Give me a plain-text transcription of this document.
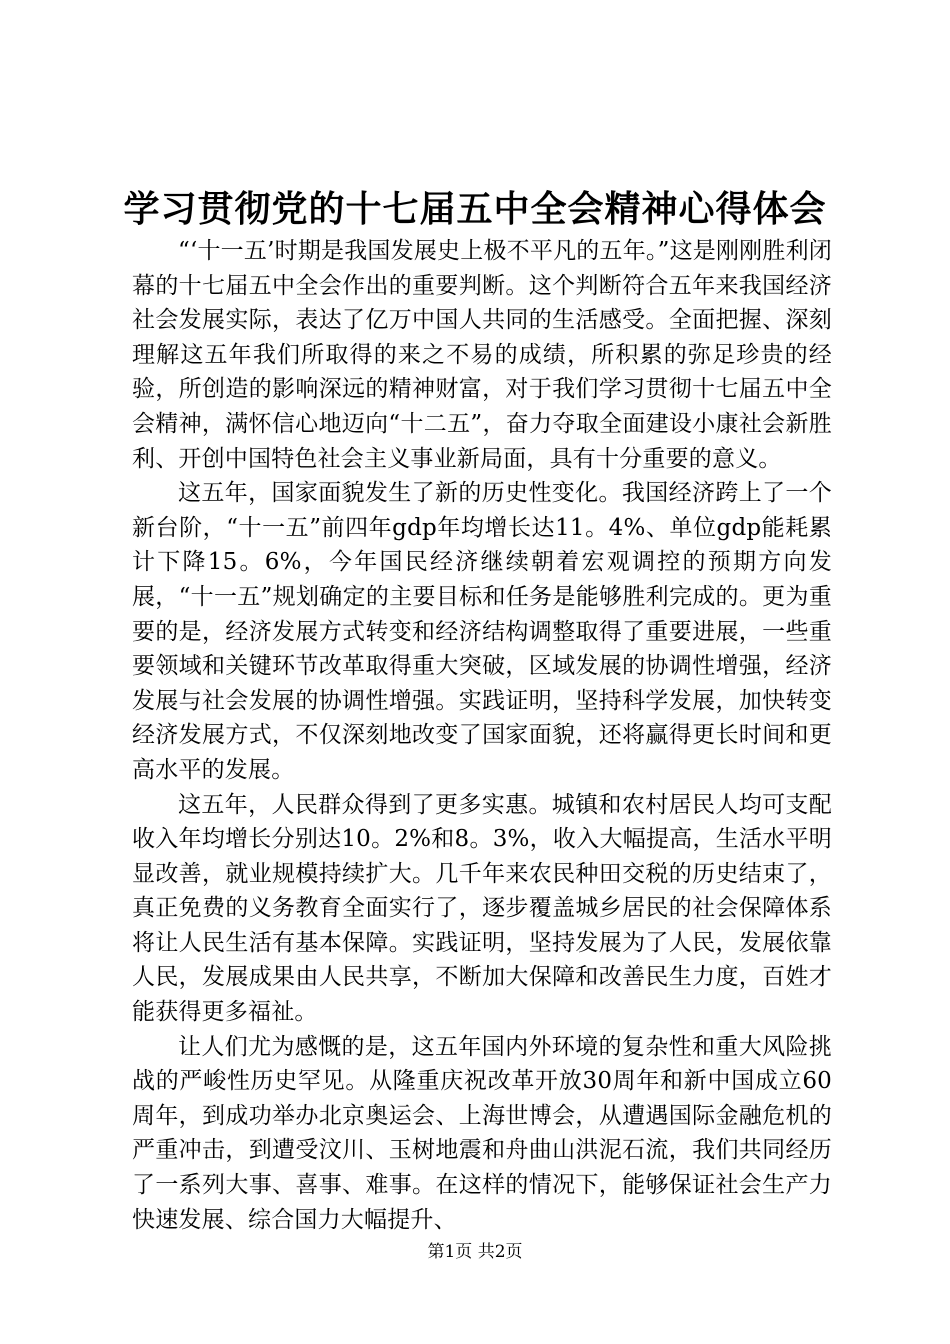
学习贯彻党的十七届五中全会精神心得体会

“‘十一五’时期是我国发展史上极不平凡的五年。”这是刚刚胜利闭幕的十七届五中全会作出的重要判断。这个判断符合五年来我国经济社会发展实际，表达了亿万中国人共同的生活感受。全面把握、深刻理解这五年我们所取得的来之不易的成绩，所积累的弥足珍贵的经验，所创造的影响深远的精神财富，对于我们学习贯彻十七届五中全会精神，满怀信心地迈向“十二五”，奋力夺取全面建设小康社会新胜利、开创中国特色社会主义事业新局面，具有十分重要的意义。

这五年，国家面貌发生了新的历史性变化。我国经济跨上了一个新台阶，“十一五”前四年gdp年均增长达11。4%、单位gdp能耗累计下降15。6%，今年国民经济继续朝着宏观调控的预期方向发展，“十一五”规划确定的主要目标和任务是能够胜利完成的。更为重要的是，经济发展方式转变和经济结构调整取得了重要进展，一些重要领域和关键环节改革取得重大突破，区域发展的协调性增强，经济发展与社会发展的协调性增强。实践证明，坚持科学发展，加快转变经济发展方式，不仅深刻地改变了国家面貌，还将赢得更长时间和更高水平的发展。

这五年，人民群众得到了更多实惠。城镇和农村居民人均可支配收入年均增长分别达10。2%和8。3%，收入大幅提高，生活水平明显改善，就业规模持续扩大。几千年来农民种田交税的历史结束了，真正免费的义务教育全面实行了，逐步覆盖城乡居民的社会保障体系将让人民生活有基本保障。实践证明，坚持发展为了人民，发展依靠人民，发展成果由人民共享，不断加大保障和改善民生力度，百姓才能获得更多福祉。

让人们尤为感慨的是，这五年国内外环境的复杂性和重大风险挑战的严峻性历史罕见。从隆重庆祝改革开放30周年和新中国成立60周年，到成功举办北京奥运会、上海世博会，从遭遇国际金融危机的严重冲击，到遭受汶川、玉树地震和舟曲山洪泥石流，我们共同经历了一系列大事、喜事、难事。在这样的情况下，能够保证社会生产力快速发展、综合国力大幅提升、

第1页 共2页
